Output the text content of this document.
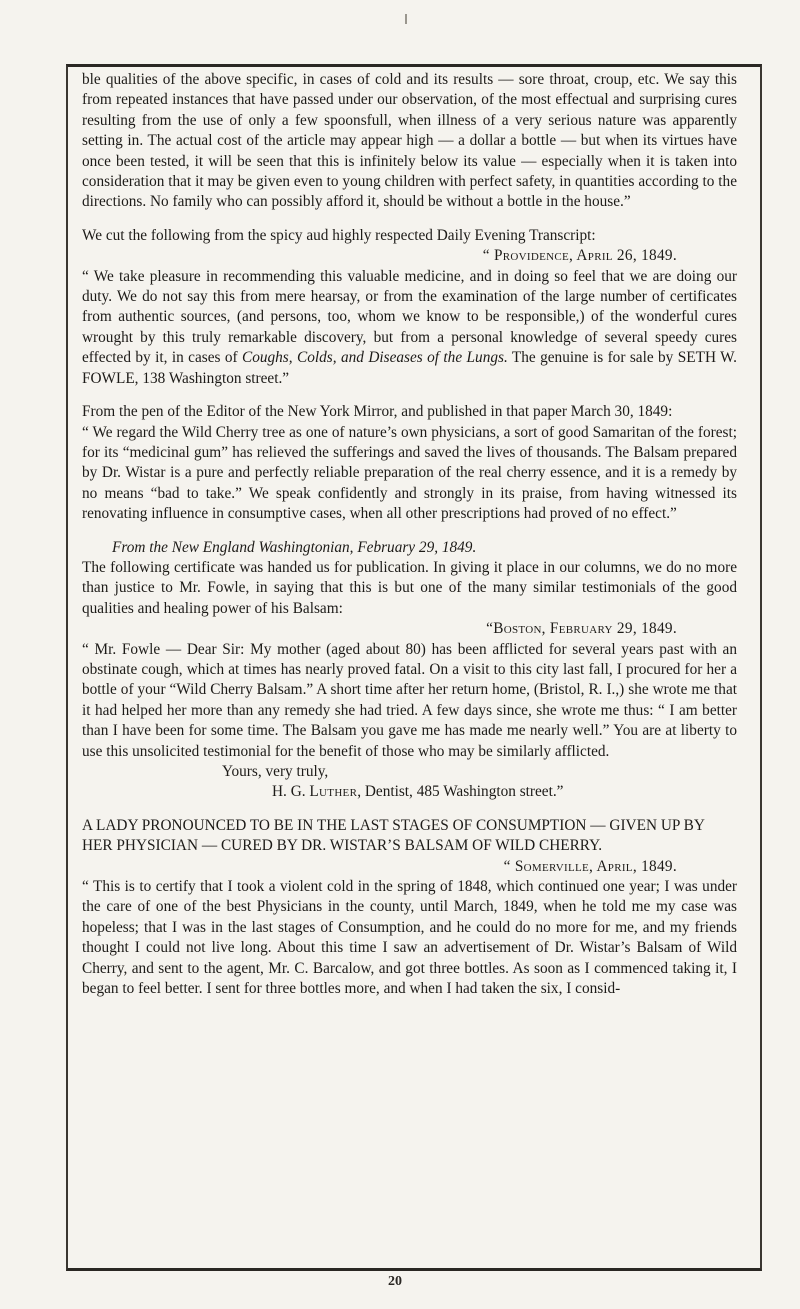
ble qualities of the above specific, in cases of cold and its results — sore throat, croup, etc. We say this from repeated instances that have passed under our observation, of the most effectual and surprising cures resulting from the use of only a few spoonsfull, when illness of a very serious nature was apparently setting in. The actual cost of the article may appear high — a dollar a bottle — but when its virtues have once been tested, it will be seen that this is infinitely below its value — especially when it is taken into consideration that it may be given even to young children with perfect safety, in quantities according to the directions. No family who can possibly afford it, should be without a bottle in the house.”

We cut the following from the spicy aud highly respected Daily Evening Transcript:

“ Providence, April 26, 1849.

“ We take pleasure in recommending this valuable medicine, and in doing so feel that we are doing our duty. We do not say this from mere hearsay, or from the examination of the large number of certificates from authentic sources, (and persons, too, whom we know to be responsible,) of the wonderful cures wrought by this truly remarkable discovery, but from a personal knowledge of several speedy cures effected by it, in cases of Coughs, Colds, and Diseases of the Lungs. The genuine is for sale by SETH W. FOWLE, 138 Washington street.”

From the pen of the Editor of the New York Mirror, and published in that paper March 30, 1849:

“ We regard the Wild Cherry tree as one of nature’s own physicians, a sort of good Samaritan of the forest; for its “medicinal gum” has relieved the sufferings and saved the lives of thousands. The Balsam prepared by Dr. Wistar is a pure and perfectly reliable preparation of the real cherry essence, and it is a remedy by no means “bad to take.” We speak confidently and strongly in its praise, from having witnessed its renovating influence in consumptive cases, when all other prescriptions had proved of no effect.”

From the New England Washingtonian, February 29, 1849.

The following certificate was handed us for publication. In giving it place in our columns, we do no more than justice to Mr. Fowle, in saying that this is but one of the many similar testimonials of the good qualities and healing power of his Balsam:

“Boston, February 29, 1849.

“ Mr. Fowle — Dear Sir: My mother (aged about 80) has been afflicted for several years past with an obstinate cough, which at times has nearly proved fatal. On a visit to this city last fall, I procured for her a bottle of your “Wild Cherry Balsam.” A short time after her return home, (Bristol, R. I.,) she wrote me that it had helped her more than any remedy she had tried. A few days since, she wrote me thus: “ I am better than I have been for some time. The Balsam you gave me has made me nearly well.” You are at liberty to use this unsolicited testimonial for the benefit of those who may be similarly afflicted.

Yours, very truly,

H. G. Luther, Dentist, 485 Washington street.”

A LADY PRONOUNCED TO BE IN THE LAST STAGES OF CONSUMPTION — GIVEN UP BY HER PHYSICIAN — CURED BY DR. WISTAR’S BALSAM OF WILD CHERRY.

“ Somerville, April, 1849.

“ This is to certify that I took a violent cold in the spring of 1848, which continued one year; I was under the care of one of the best Physicians in the county, until March, 1849, when he told me my case was hopeless; that I was in the last stages of Consumption, and he could do no more for me, and my friends thought I could not live long. About this time I saw an advertisement of Dr. Wistar’s Balsam of Wild Cherry, and sent to the agent, Mr. C. Barcalow, and got three bottles. As soon as I commenced taking it, I began to feel better. I sent for three bottles more, and when I had taken the six, I consid-

20
